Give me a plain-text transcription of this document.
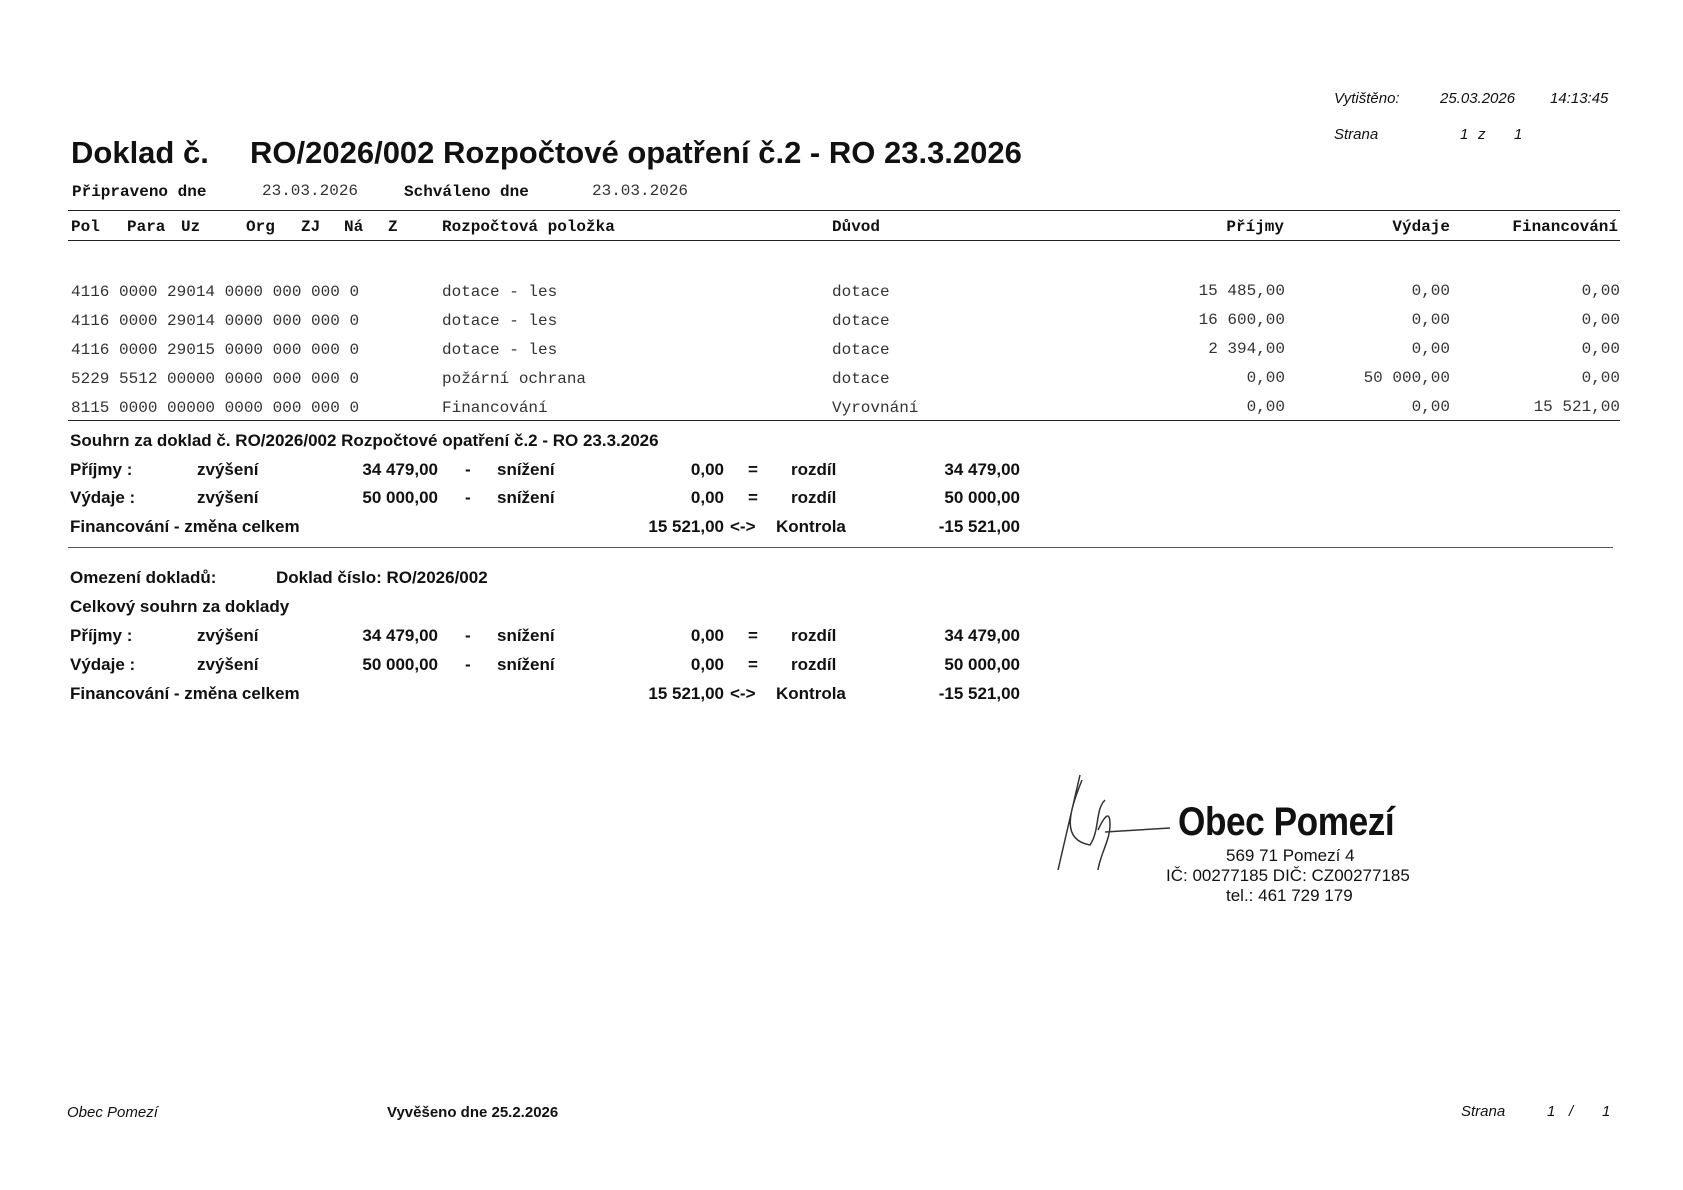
Vytištěno:	25.03.2026 14:13:45
Strana	1 z 1
Doklad č. RO/2026/002 Rozpočtové opatření č.2 - RO 23.3.2026
Připraveno dne	23.03.2026	Schváleno dne	23.03.2026
Pol Para Uz	Org ZJ Ná Z	Rozpočtová položka	Důvod	Příjmy	Výdaje	Financování
4116 0000 29014 0000 000 000 0	dotace - les	dotace	15 485,00	0,00	0,00
4116 0000 29014 0000 000 000 0	dotace - les	dotace	16 600,00	0,00	0,00
4116 0000 29015 0000 000 000 0	dotace - les	dotace	2 394,00	0,00	0,00
5229 5512 00000 0000 000 000 0	požární ochrana	dotace	0,00	50 000,00	0,00
8115 0000 00000 0000 000 000 0	Financování	Vyrovnání	0,00	0,00	15 521,00
Souhrn za doklad č. RO/2026/002 Rozpočtové opatření č.2 - RO 23.3.2026
Příjmy :	zvýšení	34 479,00 - snížení	0,00 = rozdíl	34 479,00
Výdaje :	zvýšení	50 000,00 - snížení	0,00 = rozdíl	50 000,00
Financování - změna celkem	15 521,00 <-> Kontrola	-15 521,00
Omezení dokladů:	Doklad číslo: RO/2026/002
Celkový souhrn za doklady
Příjmy :	zvýšení	34 479,00 - snížení	0,00 = rozdíl	34 479,00
Výdaje :	zvýšení	50 000,00 - snížení	0,00 = rozdíl	50 000,00
Financování - změna celkem	15 521,00 <-> Kontrola	-15 521,00
Obec Pomezí
569 71 Pomezí 4
IČ: 00277185 DIČ: CZ00277185
tel.: 461 729 179
Obec Pomezí	Vyvěšeno dne 25.2.2026	Strana	1 / 1
